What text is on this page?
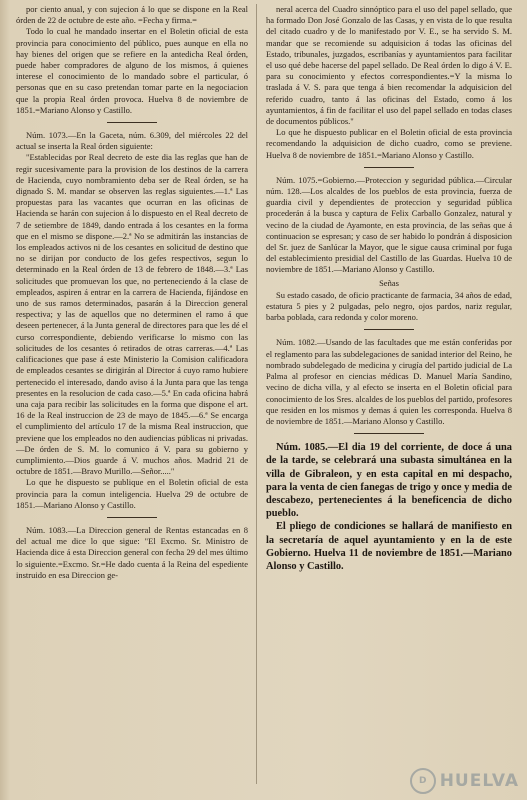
por ciento anual, y con sujecion á lo que se dispone en la Real órden de 22 de octubre de este año. =Fecha y firma.=

Todo lo cual he mandado insertar en el Boletin oficial de esta provincia para conocimiento del público, pues aunque en ella no hay bienes del origen que se refiere en la antedicha Real órden, puede haber compradores de alguno de los mismos, á quienes interese el conocimiento de lo mandado sobre el particular, ó personas que en su caso pretendan tomar parte en la negociacion que la propia Real órden provoca. Huelva 8 de noviembre de 1851.=Mariano Alonso y Castillo.

Núm. 1073.—En la Gaceta, núm. 6.309, del miércoles 22 del actual se inserta la Real órden siguiente:

"Establecidas por Real decreto de este dia las reglas que han de regir sucesivamente para la provision de los destinos de la carrera de Hacienda, cuyo nombramiento deba ser de Real órden, se ha dignado S. M. mandar se observen las reglas siguientes.—1.ª Las propuestas para las vacantes que ocurran en las oficinas de Hacienda se harán con sujecion á lo dispuesto en el Real decreto de 7 de setiembre de 1849, dando entrada á los cesantes en la forma que en el mismo se dispone.—2.ª No se admitirán las instancias de los empleados activos ni de los cesantes en solicitud de destino que no se dirijan por conducto de los gefes respectivos, segun lo determinado en la Real órden de 13 de febrero de 1848.—3.ª Las solicitudes que promuevan los que, no perteneciendo á la clase de empleados, aspiren á entrar en la carrera de Hacienda, fijándose en uno de sus ramos determinados, pasarán á la Direccion general respectiva; y las de aquellos que no determinen el ramo á que deseen pertenecer, á la Junta general de directores para que les dé el curso correspondiente, debiendo verificarse lo mismo con las solicitudes de los cesantes ó retirados de otras carreras.—4.ª Las calificaciones que pase á este Ministerio la Comision calificadora de empleados cesantes se dirigirán al Director á cuyo ramo hubiere pertenecido el interesado, dando aviso á la Junta para que las tenga presentes en la resolucion de cada caso.—5.ª En cada oficina habrá una caja para recibir las solicitudes en la forma que dispone el art. 16 de la Real instruccion de 23 de mayo de 1845.—6.ª Se encarga el cumplimiento del artículo 17 de la misma Real instruccion, que previene que los empleados no den audiencias públicas ni privadas.—De órden de S. M. lo comunico á V. para su gobierno y cumplimiento.—Dios guarde á V. muchos años. Madrid 21 de octubre de 1851.—Bravo Murillo.—Señor....."

Lo que he dispuesto se publique en el Boletin oficial de esta provincia para la comun inteligencia. Huelva 29 de octubre de 1851.—Mariano Alonso y Castillo.

Núm. 1083.—La Direccion general de Rentas estancadas en 8 del actual me dice lo que sigue: "El Excmo. Sr. Ministro de Hacienda dice á esta Direccion general con fecha 29 del mes último lo siguiente.=Excmo. Sr.=He dado cuenta á la Reina del espediente instruido en esa Direccion ge-

neral acerca del Cuadro sinnóptico para el uso del papel sellado, que ha formado Don José Gonzalo de las Casas, y en vista de lo que resulta del citado cuadro y de lo manifestado por V. E., se ha servido S. M. mandar que se recomiende su adquisicion á todas las oficinas del Estado, tribunales, juzgados, escribanías y ayuntamientos para facilitar el uso qué debe hacerse del papel sellado. De Real órden lo digo á V. E. para su conocimiento y efectos correspondientes.=Y la misma lo traslada á V. S. para que tenga á bien recomendar la adquisicion del referido cuadro, tanto á las oficinas del Estado, como á los ayuntamientos, á fin de facilitar el uso del papel sellado en todas clases de documentos públicos."

Lo que he dispuesto publicar en el Boletin oficial de esta provincia recomendando la adquisicion de dicho cuadro, como se previene. Huelva 8 de noviembre de 1851.=Mariano Alonso y Castillo.

Núm. 1075.=Gobierno.—Proteccion y seguridad pública.—Circular núm. 128.—Los alcaldes de los pueblos de esta provincia, fuerza de guardia civil y dependientes de proteccion y seguridad pública procederán á la busca y captura de Felix Carballo Gonzalez, natural y vecino de la ciudad de Ayamonte, en esta provincia, de las señas que á continuacion se espresan; y caso de ser habido lo pondrán á disposicion del Sr. juez de Sanlúcar la Mayor, que le sigue causa criminal por fuga del establecimiento presidial del Castillo de las Guardas. Huelva 10 de noviembre de 1851.—Mariano Alonso y Castillo.

Señas

Su estado casado, de oficio practicante de farmacia, 34 años de edad, estatura 5 pies y 2 pulgadas, pelo negro, ojos pardos, nariz regular, barba poblada, cara redonda y color moreno.

Núm. 1082.—Usando de las facultades que me están conferidas por el reglamento para las subdelegaciones de sanidad interior del Reino, he nombrado subdelegado de medicina y cirugía del partido judicial de La Palma al profesor en ciencias médicas D. Manuel María Sandino, vecino de dicha villa, y al efecto se inserta en el Boletin oficial para conocimiento de los Sres. alcaldes de los pueblos del partido, profesores que residen en los mismos y demas á quien les corresponda. Huelva 8 de noviembre de 1851.—Mariano Alonso y Castillo.

Núm. 1085.—El dia 19 del corriente, de doce á una de la tarde, se celebrará una subasta simultánea en la villa de Gibraleon, y en esta capital en mi despacho, para la venta de cien fanegas de trigo y once y media de descabezo, pertenecientes á la beneficencia de dicho pueblo.

El pliego de condiciones se hallará de manifiesto en la secretaría de aquel ayuntamiento y en la de este Gobierno. Huelva 11 de noviembre de 1851.—Mariano Alonso y Castillo.

D HUELVA
